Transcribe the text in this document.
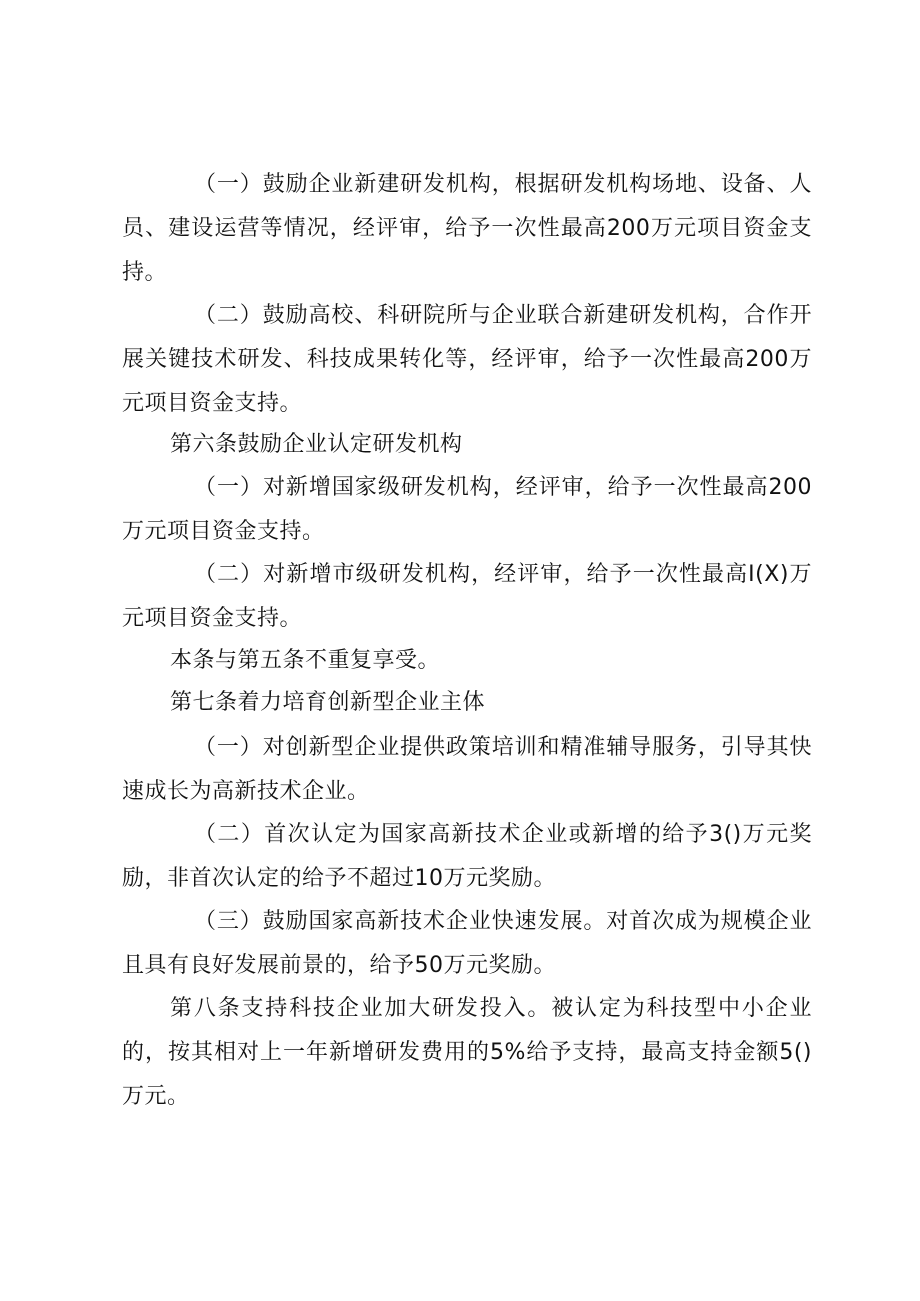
（一）鼓励企业新建研发机构，根据研发机构场地、设备、人员、建设运营等情况，经评审，给予一次性最高200万元项目资金支持。

（二）鼓励高校、科研院所与企业联合新建研发机构，合作开展关键技术研发、科技成果转化等，经评审，给予一次性最高200万元项目资金支持。

第六条鼓励企业认定研发机构

（一）对新增国家级研发机构，经评审，给予一次性最高200万元项目资金支持。

（二）对新增市级研发机构，经评审，给予一次性最高I(X)万元项目资金支持。

本条与第五条不重复享受。

第七条着力培育创新型企业主体

（一）对创新型企业提供政策培训和精准辅导服务，引导其快速成长为高新技术企业。

（二）首次认定为国家高新技术企业或新增的给予3()万元奖励，非首次认定的给予不超过10万元奖励。

（三）鼓励国家高新技术企业快速发展。对首次成为规模企业且具有良好发展前景的，给予50万元奖励。

第八条支持科技企业加大研发投入。被认定为科技型中小企业的，按其相对上一年新增研发费用的5%给予支持，最高支持金额5()万元。
